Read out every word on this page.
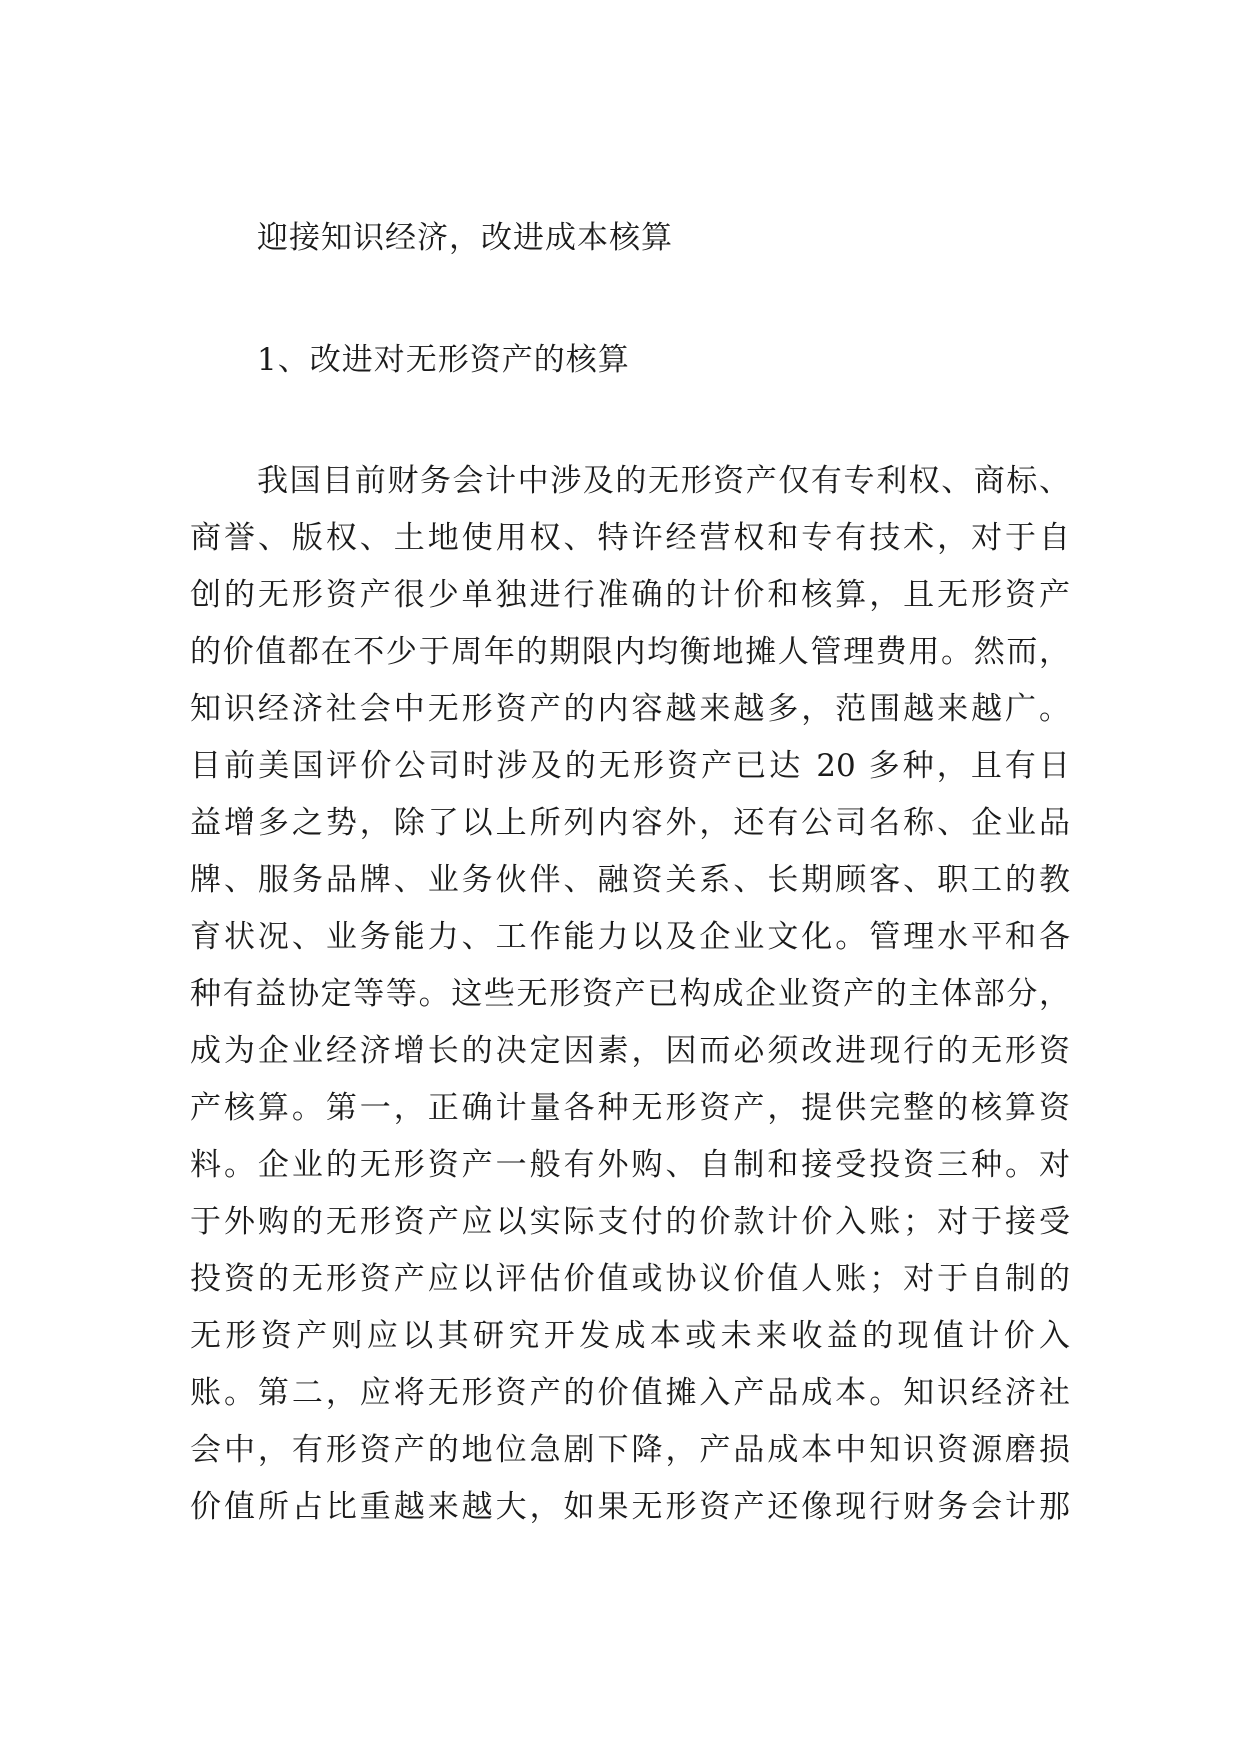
迎接知识经济，改进成本核算
1、改进对无形资产的核算
我国目前财务会计中涉及的无形资产仅有专利权、商标、
商誉、版权、土地使用权、特许经营权和专有技术，对于自
创的无形资产很少单独进行准确的计价和核算，且无形资产
的价值都在不少于周年的期限内均衡地摊人管理费用。然而，
知识经济社会中无形资产的内容越来越多，范围越来越广。
目前美国评价公司时涉及的无形资产已达 20 多种，且有日
益增多之势，除了以上所列内容外，还有公司名称、企业品
牌、服务品牌、业务伙伴、融资关系、长期顾客、职工的教
育状况、业务能力、工作能力以及企业文化。管理水平和各
种有益协定等等。这些无形资产已构成企业资产的主体部分，
成为企业经济增长的决定因素，因而必须改进现行的无形资
产核算。第一，正确计量各种无形资产，提供完整的核算资
料。企业的无形资产一般有外购、自制和接受投资三种。对
于外购的无形资产应以实际支付的价款计价入账；对于接受
投资的无形资产应以评估价值或协议价值人账；对于自制的
无形资产则应以其研究开发成本或未来收益的现值计价入
账。第二，应将无形资产的价值摊入产品成本。知识经济社
会中，有形资产的地位急剧下降，产品成本中知识资源磨损
价值所占比重越来越大，如果无形资产还像现行财务会计那
